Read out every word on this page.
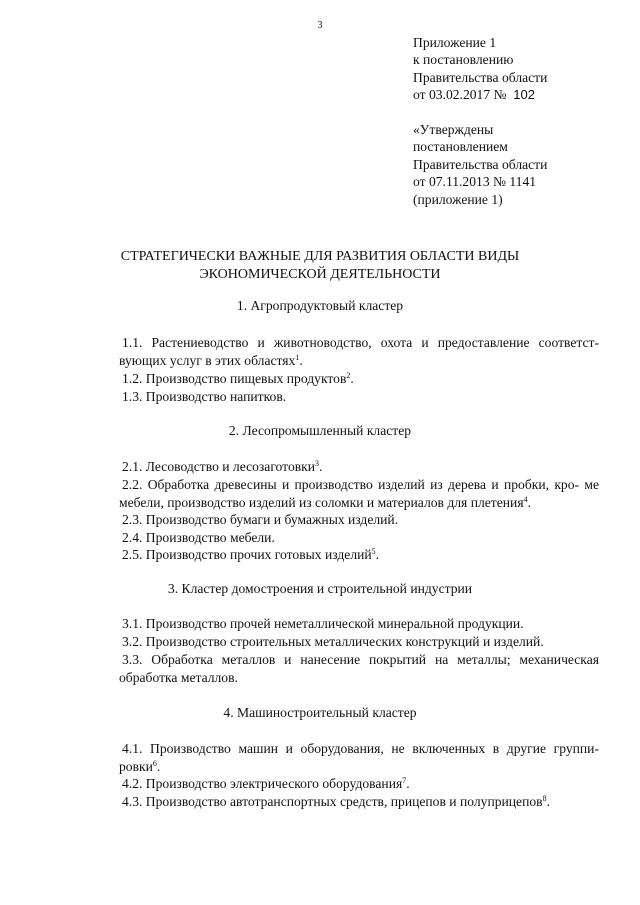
3
Приложение 1
к постановлению
Правительства области
от 03.02.2017 № 102
«Утверждены
постановлением
Правительства области
от 07.11.2013 № 1141
(приложение 1)
СТРАТЕГИЧЕСКИ ВАЖНЫЕ ДЛЯ РАЗВИТИЯ ОБЛАСТИ ВИДЫ
ЭКОНОМИЧЕСКОЙ ДЕЯТЕЛЬНОСТИ
1. Агропродуктовый кластер
1.1. Растениеводство и животноводство, охота и предоставление соответст- вующих услуг в этих областях$^1$.
1.2. Производство пищевых продуктов$^2$.
1.3. Производство напитков.
2. Лесопромышленный кластер
2.1. Лесоводство и лесозаготовки$^3$.
2.2. Обработка древесины и производство изделий из дерева и пробки, кро- ме мебели, производство изделий из соломки и материалов для плетения$^4$.
2.3. Производство бумаги и бумажных изделий.
2.4. Производство мебели.
2.5. Производство прочих готовых изделий$^5$.
3. Кластер домостроения и строительной индустрии
3.1. Производство прочей неметаллической минеральной продукции.
3.2. Производство строительных металлических конструкций и изделий.
3.3. Обработка металлов и нанесение покрытий на металлы; механическая обработка металлов.
4. Машиностроительный кластер
4.1. Производство машин и оборудования, не включенных в другие группи- ровки$^6$.
4.2. Производство электрического оборудования$^7$.
4.3. Производство автотранспортных средств, прицепов и полуприцепов$^8$.
